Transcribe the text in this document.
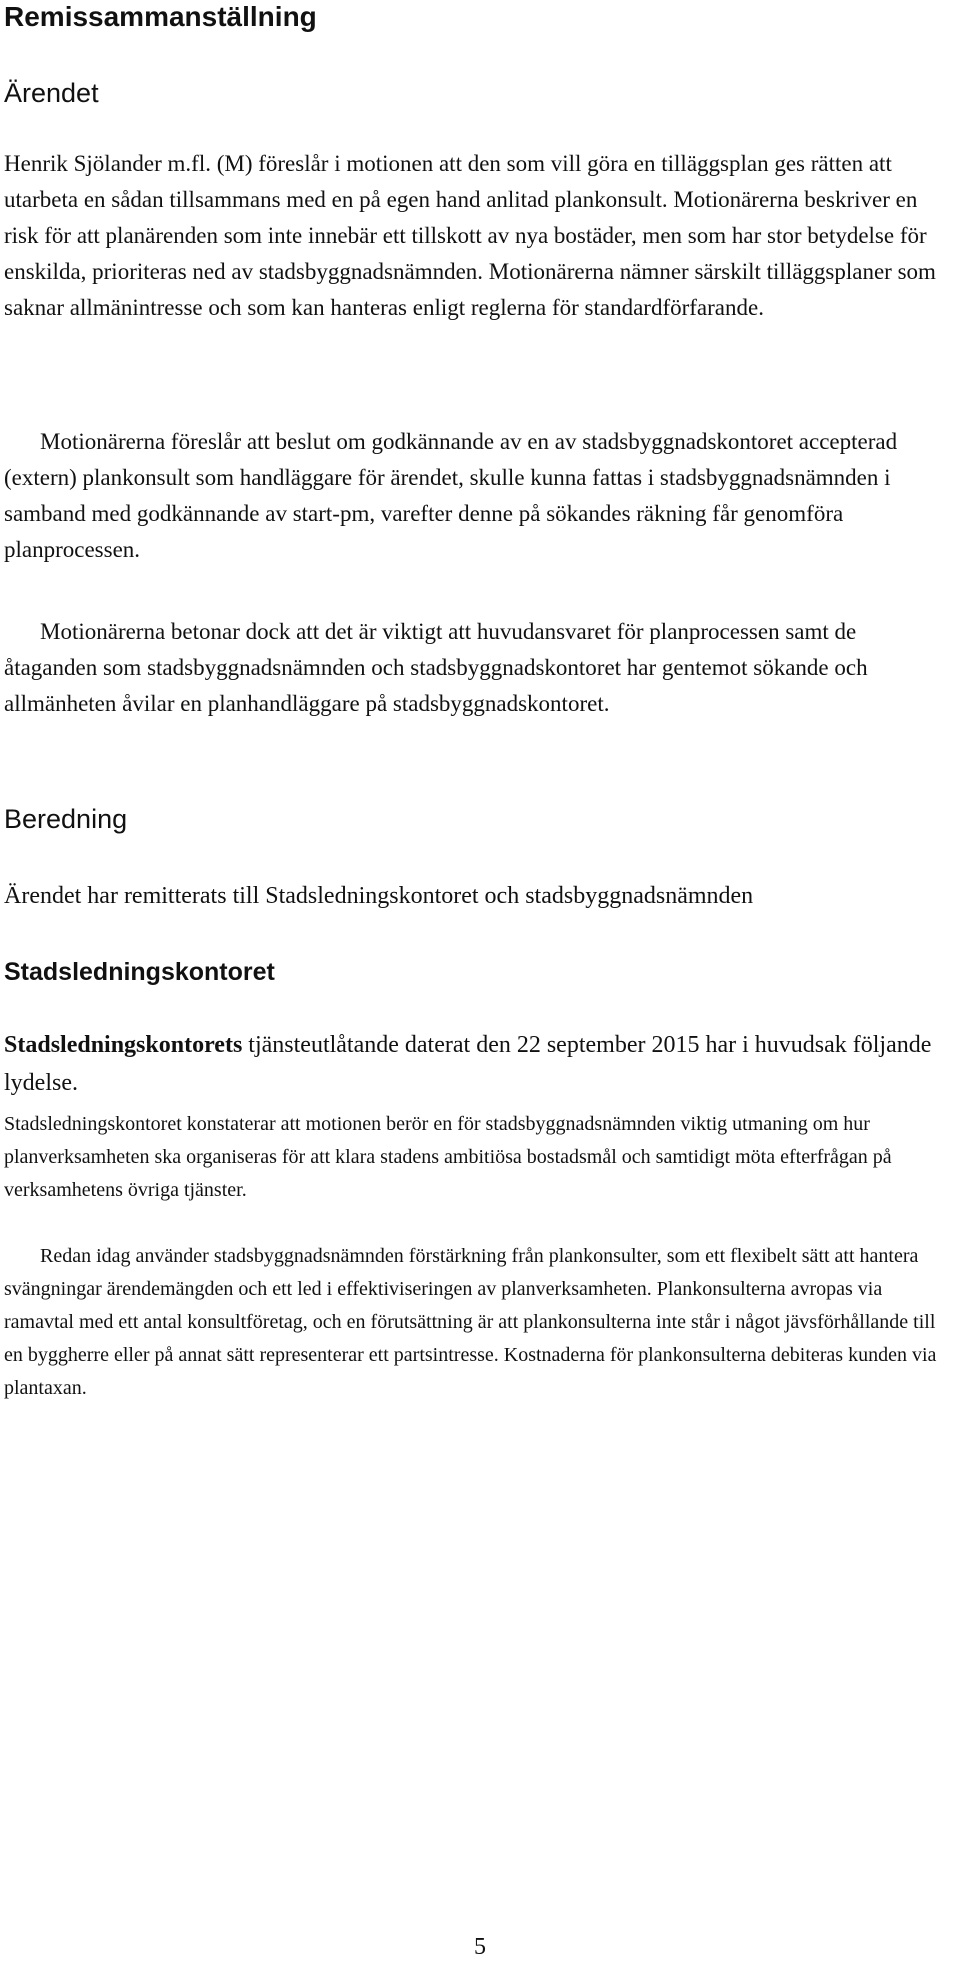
Remissammanställning
Ärendet

Henrik Sjölander m.fl. (M) föreslår i motionen att den som vill göra en tilläggsplan ges rätten att utarbeta en sådan tillsammans med en på egen hand anlitad plankonsult. Motionärerna beskriver en risk för att planärenden som inte innebär ett tillskott av nya bostäder, men som har stor betydelse för enskilda, prioriteras ned av stadsbyggnadsnämnden. Motionärerna nämner särskilt tilläggsplaner som saknar allmänintresse och som kan hanteras enligt reglerna för standardförfarande.

Motionärerna föreslår att beslut om godkännande av en av stadsbyggnadskontoret accepterad (extern) plankonsult som handläggare för ärendet, skulle kunna fattas i stadsbyggnadsnämnden i samband med godkännande av start-pm, varefter denne på sökandes räkning får genomföra planprocessen.

Motionärerna betonar dock att det är viktigt att huvudansvaret för planprocessen samt de åtaganden som stadsbyggnadsnämnden och stadsbyggnadskontoret har gentemot sökande och allmänheten åvilar en planhandläggare på stadsbyggnadskontoret.

Beredning

Ärendet har remitterats till Stadsledningskontoret och stadsbyggnadsnämnden

Stadsledningskontoret

Stadsledningskontorets tjänsteutlåtande daterat den 22 september 2015 har i huvudsak följande lydelse.

Stadsledningskontoret konstaterar att motionen berör en för stadsbyggnadsnämnden viktig utmaning om hur planverksamheten ska organiseras för att klara stadens ambitiösa bostadsmål och samtidigt möta efterfrågan på verksamhetens övriga tjänster.

Redan idag använder stadsbyggnadsnämnden förstärkning från plankonsulter, som ett flexibelt sätt att hantera svängningar ärendemängden och ett led i effektiviseringen av planverksamheten. Plankonsulterna avropas via ramavtal med ett antal konsultföretag, och en förutsättning är att plankonsulterna inte står i något jävsförhållande till en byggherre eller på annat sätt representerar ett partsintresse. Kostnaderna för plankonsulterna debiteras kunden via plantaxan.

5
